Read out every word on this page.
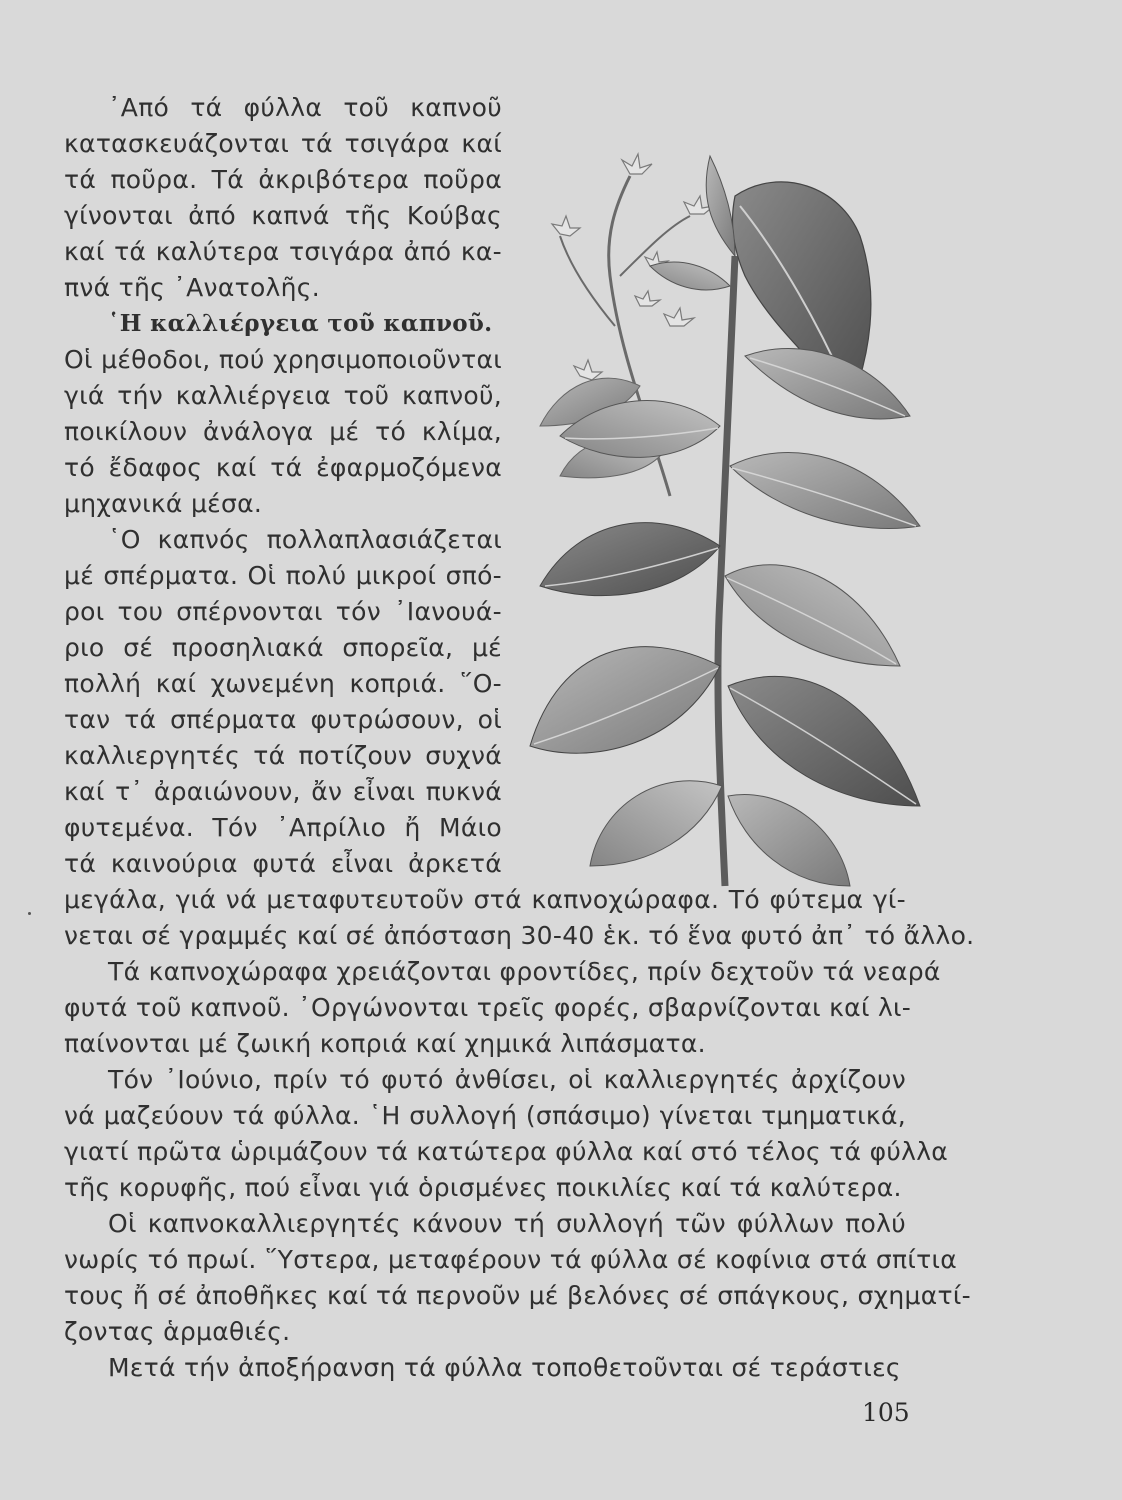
᾿Από τά φύλλα τοῦ καπνοῦ
κατασκευάζονται τά τσιγάρα καί
τά ποῦρα. Τά ἀκριβότερα ποῦρα
γίνονται ἀπό καπνά τῆς Κούβας
καί τά καλύτερα τσιγάρα ἀπό κα-
πνά τῆς ᾿Ανατολῆς.
῾Η καλλιέργεια τοῦ καπνοῦ.
Οἱ μέθοδοι, πού χρησιμοποιοῦνται
γιά τήν καλλιέργεια τοῦ καπνοῦ,
ποικίλουν ἀνάλογα μέ τό κλίμα,
τό ἔδαφος καί τά ἐφαρμοζόμενα
μηχανικά μέσα.
῾Ο καπνός πολλαπλασιάζεται
μέ σπέρματα. Οἱ πολύ μικροί σπό-
ροι του σπέρνονται τόν ᾿Ιανουά-
ριο σέ προσηλιακά σπορεῖα, μέ
πολλή καί χωνεμένη κοπριά. ῞Ο-
ταν τά σπέρματα φυτρώσουν, οἱ
καλλιεργητές τά ποτίζουν συχνά
καί τ᾿ ἀραιώνουν, ἄν εἶναι πυκνά
φυτεμένα. Τόν ᾿Απρίλιο ἤ Μάιο
τά καινούρια φυτά εἶναι ἀρκετά
μεγάλα, γιά νά μεταφυτευτοῦν στά καπνοχώραφα. Τό φύτεμα γί-
νεται σέ γραμμές καί σέ ἀπόσταση 30-40 ἑκ. τό ἕνα φυτό ἀπ᾿ τό ἄλλο.
Τά καπνοχώραφα χρειάζονται φροντίδες, πρίν δεχτοῦν τά νεαρά
φυτά τοῦ καπνοῦ. ᾿Οργώνονται τρεῖς φορές, σβαρνίζονται καί λι-
παίνονται μέ ζωική κοπριά καί χημικά λιπάσματα.
Τόν ᾿Ιούνιο, πρίν τό φυτό ἀνθίσει, οἱ καλλιεργητές ἀρχίζουν
νά μαζεύουν τά φύλλα. ῾Η συλλογή (σπάσιμο) γίνεται τμηματικά,
γιατί πρῶτα ὡριμάζουν τά κατώτερα φύλλα καί στό τέλος τά φύλλα
τῆς κορυφῆς, πού εἶναι γιά ὁρισμένες ποικιλίες καί τά καλύτερα.
Οἱ καπνοκαλλιεργητές κάνουν τή συλλογή τῶν φύλλων πολύ
νωρίς τό πρωί. ῞Υστερα, μεταφέρουν τά φύλλα σέ κοφίνια στά σπίτια
τους ἤ σέ ἀποθῆκες καί τά περνοῦν μέ βελόνες σέ σπάγκους, σχηματί-
ζοντας ἁρμαθιές.
Μετά τήν ἀποξήρανση τά φύλλα τοποθετοῦνται σέ τεράστιες
105
